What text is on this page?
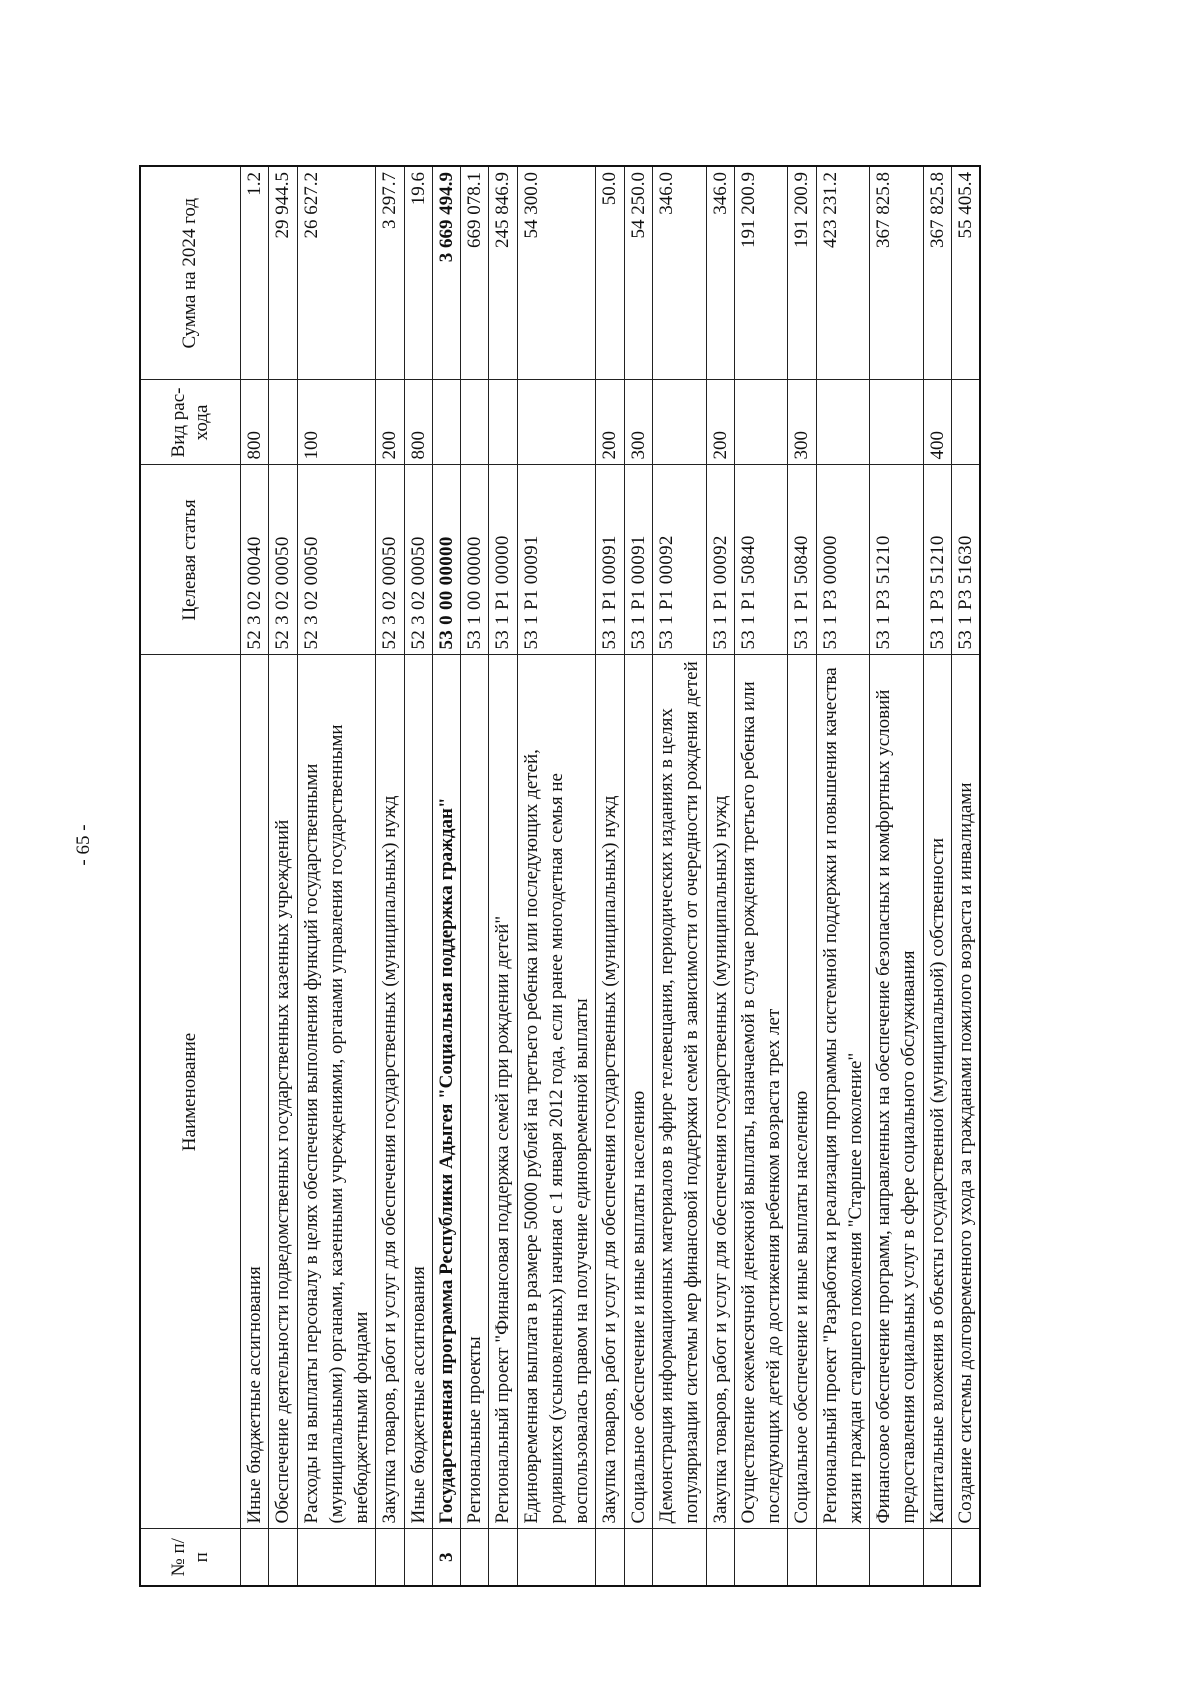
- 65 -
№ п/п	Наименование	Целевая статья	Вид рас-хода	Сумма на 2024 год
	Иные бюджетные ассигнования	52 3 02 00040	800	1.2
	Обеспечение деятельности подведомственных государственных казенных учреждений	52 3 02 00050		29 944.5
	Расходы на выплаты персоналу в целях обеспечения выполнения функций государственными (муниципальными) органами, казенными учреждениями, органами управления государственными внебюджетными фондами	52 3 02 00050	100	26 627.2
	Закупка товаров, работ и услуг для обеспечения государственных (муниципальных) нужд	52 3 02 00050	200	3 297.7
	Иные бюджетные ассигнования	52 3 02 00050	800	19.6
3	Государственная программа Республики Адыгея "Социальная поддержка граждан"	53 0 00 00000		3 669 494.9
	Региональные проекты	53 1 00 00000		669 078.1
	Региональный проект "Финансовая поддержка семей при рождении детей"	53 1 P1 00000		245 846.9
	Единовременная выплата в размере 50000 рублей на третьего ребенка или последующих детей, родившихся (усыновленных) начиная с 1 января 2012 года, если ранее многодетная семья не воспользовалась правом на получение единовременной выплаты	53 1 P1 00091		54 300.0
	Закупка товаров, работ и услуг для обеспечения государственных (муниципальных) нужд	53 1 P1 00091	200	50.0
	Социальное обеспечение и иные выплаты населению	53 1 P1 00091	300	54 250.0
	Демонстрация информационных материалов в эфире телевещания, периодических изданиях в целях популяризации системы мер финансовой поддержки семей в зависимости от очередности рождения детей	53 1 P1 00092		346.0
	Закупка товаров, работ и услуг для обеспечения государственных (муниципальных) нужд	53 1 P1 00092	200	346.0
	Осуществление ежемесячной денежной выплаты, назначаемой в случае рождения третьего ребенка или последующих детей до достижения ребенком возраста трех лет	53 1 P1 50840		191 200.9
	Социальное обеспечение и иные выплаты населению	53 1 P1 50840	300	191 200.9
	Региональный проект "Разработка и реализация программы системной поддержки и повышения качества жизни граждан старшего поколения "Старшее поколение"	53 1 P3 00000		423 231.2
	Финансовое обеспечение программ, направленных на обеспечение безопасных и комфортных условий предоставления социальных услуг в сфере социального обслуживания	53 1 P3 51210		367 825.8
	Капитальные вложения в объекты государственной (муниципальной) собственности	53 1 P3 51210	400	367 825.8
	Создание системы долговременного ухода за гражданами пожилого возраста и инвалидами	53 1 P3 51630		55 405.4
